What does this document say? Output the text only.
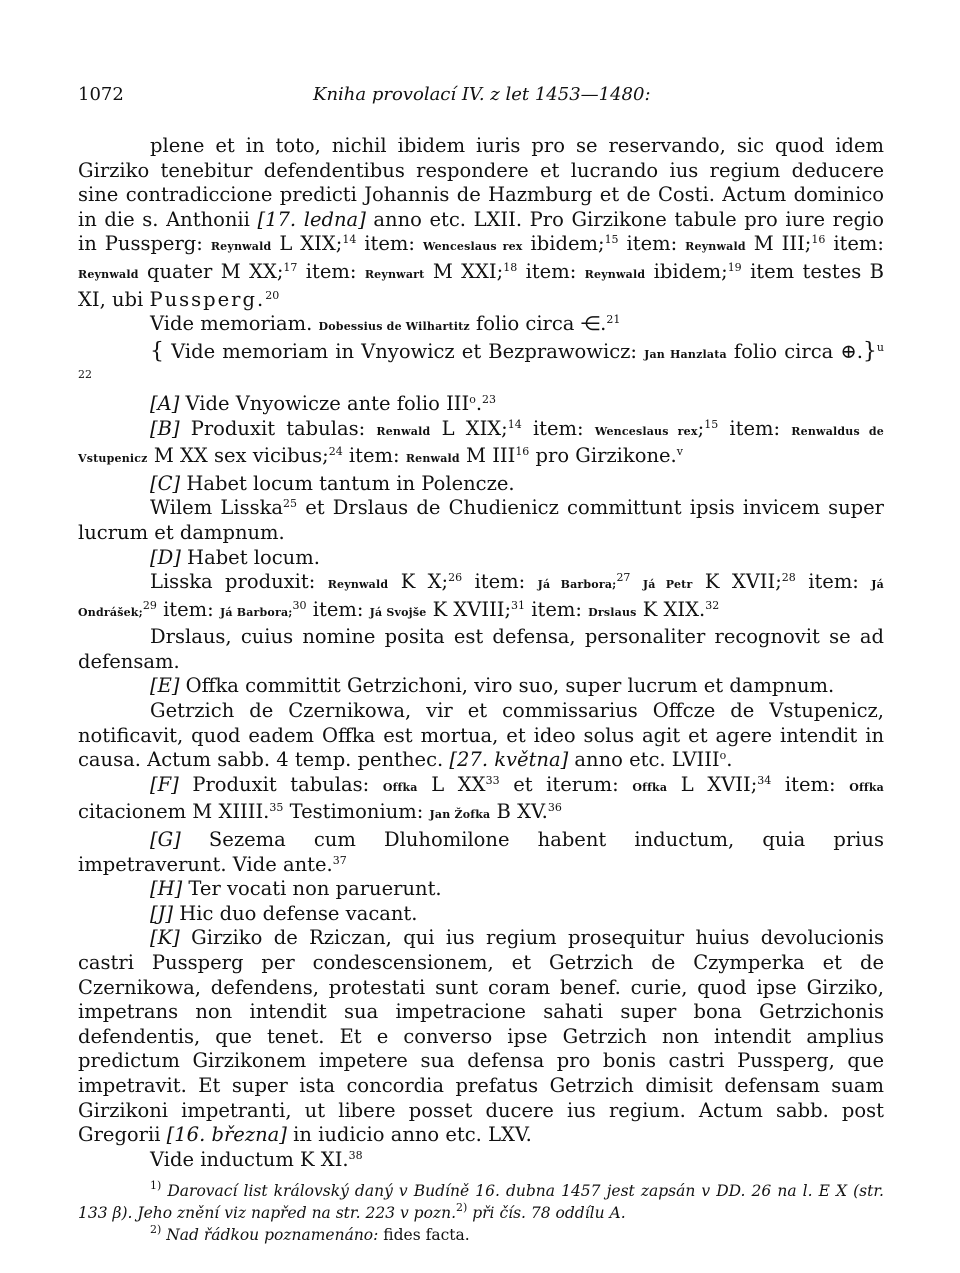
1072	Kniha provolací IV. z let 1453—1480:

plene et in toto, nichil ibidem iuris pro se reservando, sic quod idem Girziko tenebitur defendentibus respondere et lucrando ius regium deducere sine contradiccione predicti Johannis de Hazmburg et de Costi. Actum dominico in die s. Anthonii [17. ledna] anno etc. LXII. Pro Girzikone tabule pro iure regio in Pussperg: Reynwald L XIX;$^{14}$ item: Wenceslaus rex ibidem;$^{15}$ item: Reynwald M III;$^{16}$ item: Reynwald quater M XX;$^{17}$ item: Reynwart M XXI;$^{18}$ item: Reynwald ibidem;$^{19}$ item testes B XI, ubi Pussperg.$^{20}$

Vide memoriam. Dobessius de Wilhartitz folio circa ⋲.$^{21}$

{ Vide memoriam in Vnyowicz et Bezprawowicz: Jan Hanzlata folio circa ⊕.}$^{u 22}$

[A] Vide Vnyowicze ante folio III$^o$.$^{23}$

[B] Produxit tabulas: Renwald L XIX;$^{14}$ item: Wenceslaus rex;$^{15}$ item: Renwaldus de Vstupenicz M XX sex vicibus;$^{24}$ item: Renwald M III$^{16}$ pro Girzikone.$^v$

[C] Habet locum tantum in Polencze.

Wilem Lisska$^{25}$ et Drslaus de Chudienicz committunt ipsis invicem super lucrum et dampnum.

[D] Habet locum.

Lisska produxit: Reynwald K X;$^{26}$ item: Já Barbora;$^{27}$ Já Petr K XVII;$^{28}$ item: Já Ondrášek;$^{29}$ item: Já Barbora;$^{30}$ item: Já Svojše K XVIII;$^{31}$ item: Drslaus K XIX.$^{32}$

Drslaus, cuius nomine posita est defensa, personaliter recognovit se ad defensam.

[E] Offka committit Getrzichoni, viro suo, super lucrum et dampnum.

Getrzich de Czernikowa, vir et commissarius Offcze de Vstupenicz, notificavit, quod eadem Offka est mortua, et ideo solus agit et agere intendit in causa. Actum sabb. 4 temp. penthec. [27. května] anno etc. LVIII$^o$.

[F] Produxit tabulas: Offka L XX$^{33}$ et iterum: Offka L XVII;$^{34}$ item: Offka citacionem M XIIII.$^{35}$ Testimonium: Jan Žofka B XV.$^{36}$

[G] Sezema cum Dluhomilone habent inductum, quia prius impetraverunt. Vide ante.$^{37}$

[H] Ter vocati non paruerunt.

[J] Hic duo defense vacant.

[K] Girziko de Rziczan, qui ius regium prosequitur huius devolucionis castri Pussperg per condescensionem, et Getrzich de Czymperka et de Czernikowa, defendens, protestati sunt coram benef. curie, quod ipse Girziko, impetrans non intendit sua impetracione sahati super bona Getrzichonis defendentis, que tenet. Et e converso ipse Getrzich non intendit amplius predictum Girzikonem impetere sua defensa pro bonis castri Pussperg, que impetravit. Et super ista concordia prefatus Getrzich dimisit defensam suam Girzikoni impetranti, ut libere posset ducere ius regium. Actum sabb. post Gregorii [16. března] in iudicio anno etc. LXV.

Vide inductum K XI.$^{38}$

$^{1)}$ Darovací list královský daný v Budíně 16. dubna 1457 jest zapsán v DD. 26 na l. E X (str. 133 β). Jeho znění viz napřed na str. 223 v pozn.$^{2)}$ při čís. 78 oddílu A.

$^{2)}$ Nad řádkou poznamenáno: fides facta.
